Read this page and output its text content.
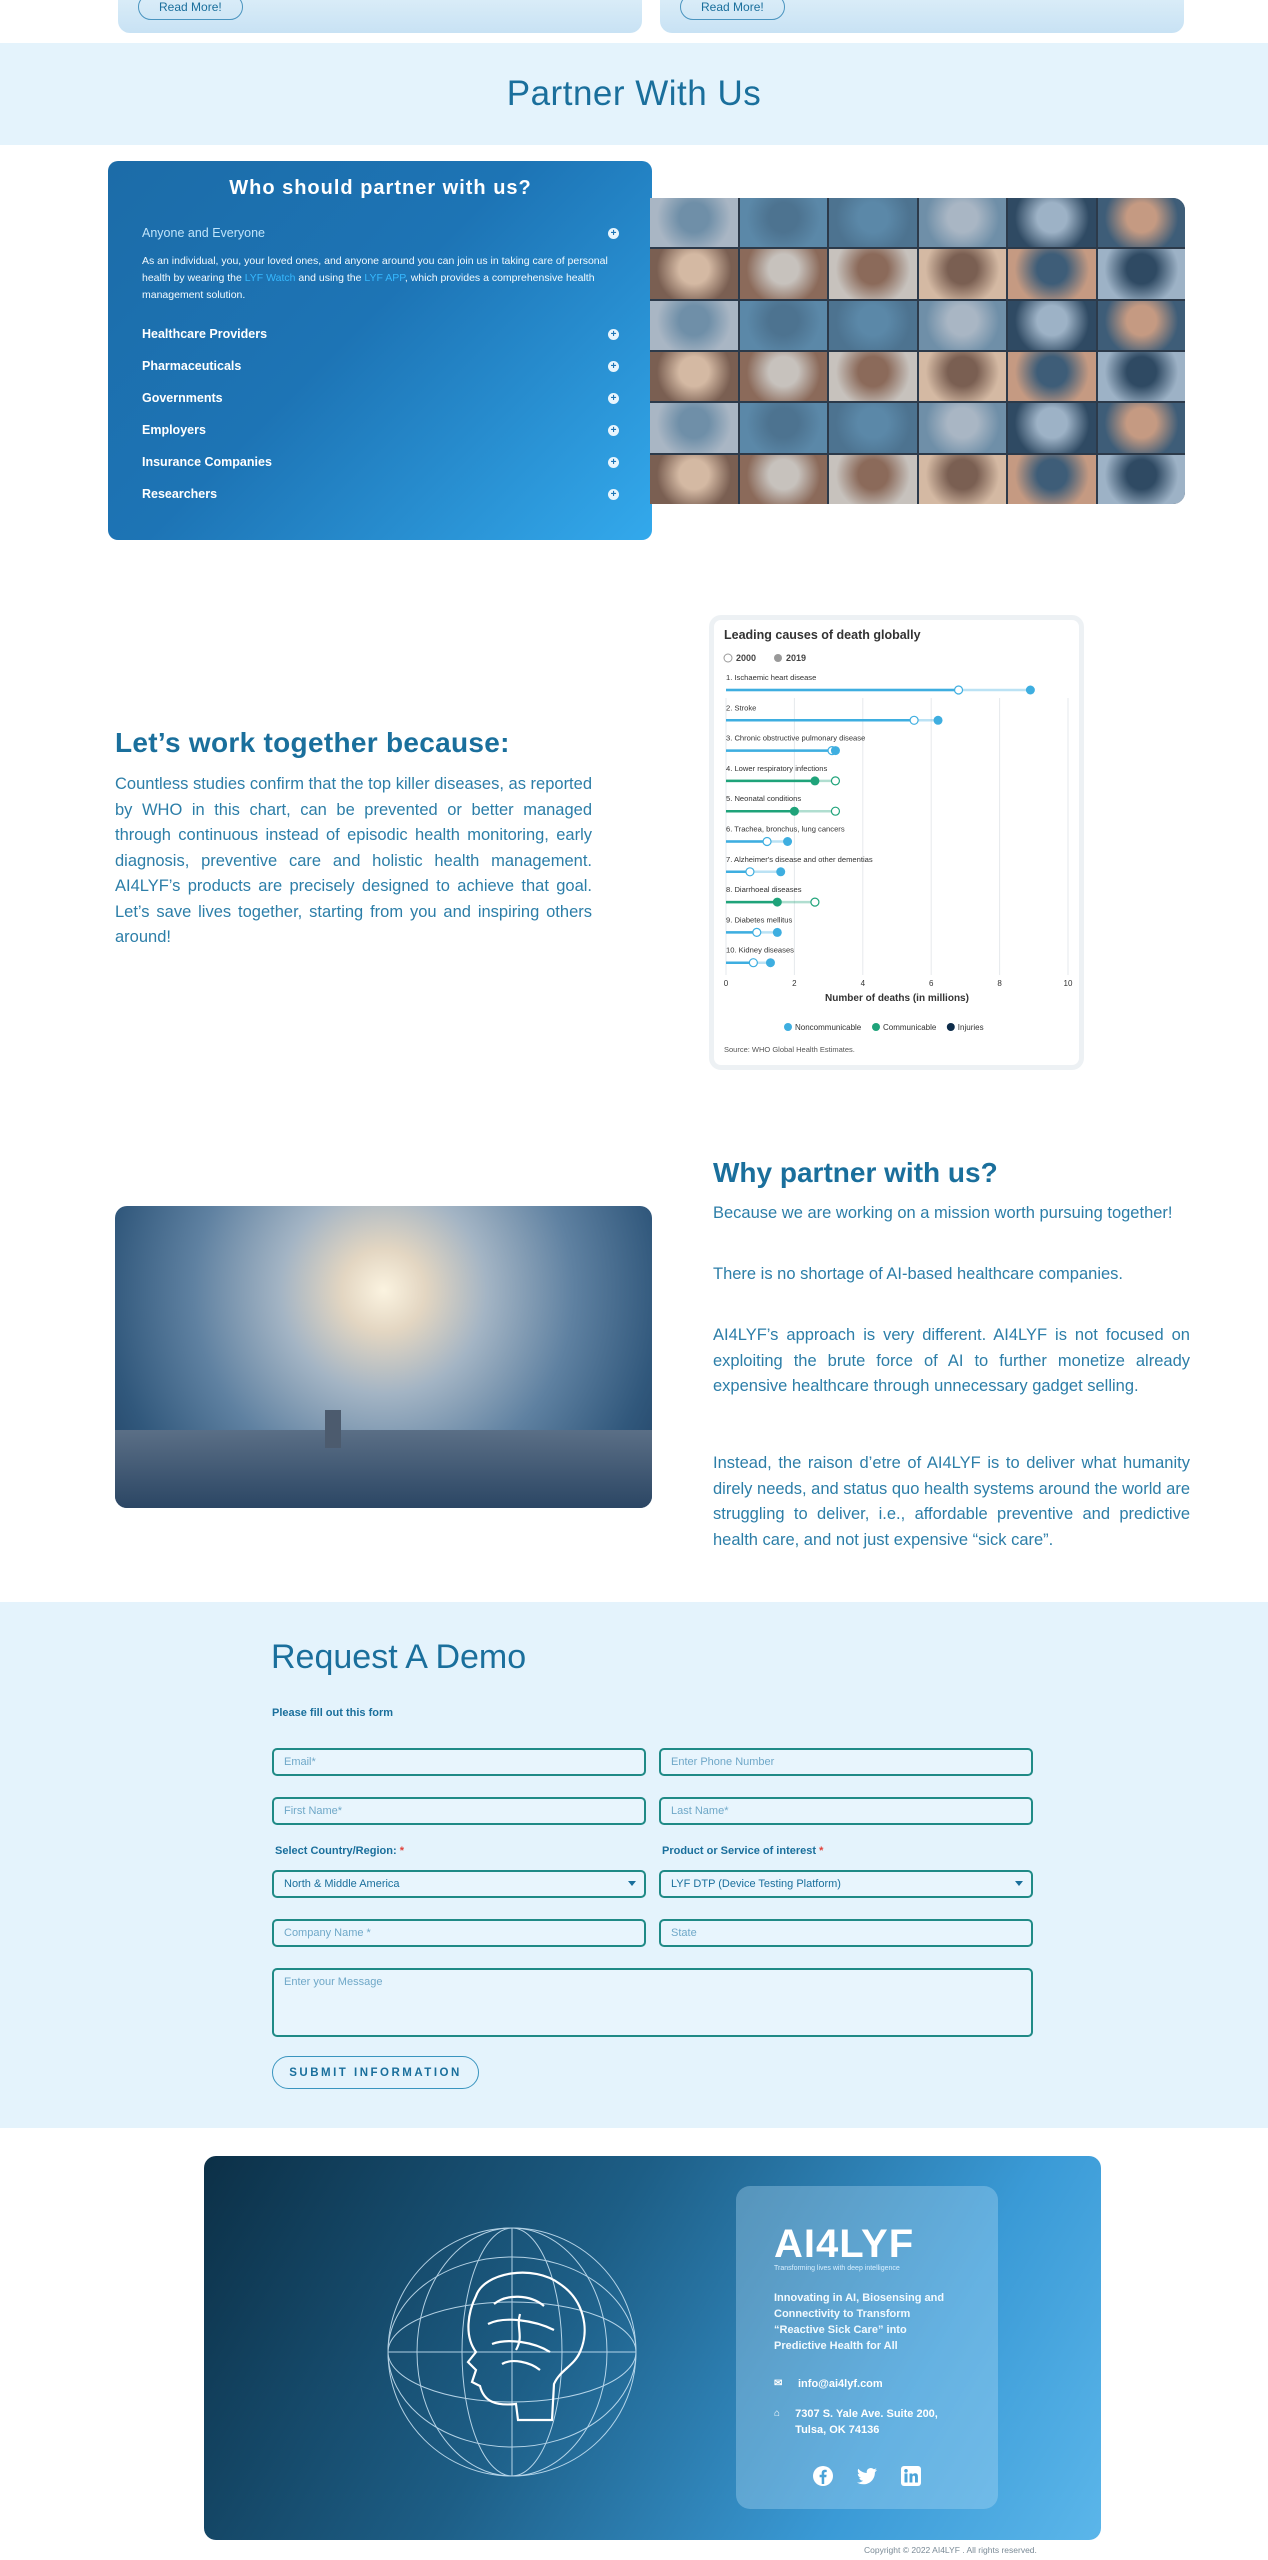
Read More!	Read More!
Partner With Us
Who should partner with us?
Anyone and Everyone	+

As an individual, you, your loved ones, and anyone around you can join us in taking care of personal health by wearing the LYF Watch and using the LYF APP, which provides a comprehensive health management solution.

Healthcare Providers	+
Pharmaceuticals	+
Governments	+
Employers	+
Insurance Companies	+
Researchers	+
Let’s work together because:

Countless studies confirm that the top killer diseases, as reported by WHO in this chart, can be prevented or better managed through continuous instead of episodic health monitoring, early diagnosis, preventive care and holistic health management. AI4LYF’s products are precisely designed to achieve that goal. Let’s save lives together, starting from you and inspiring others around!

Leading causes of death globally
2000	2019
1. Ischaemic heart disease
2. Stroke
3. Chronic obstructive pulmonary disease
4. Lower respiratory infections
5. Neonatal conditions
6. Trachea, bronchus, lung cancers
7. Alzheimer's disease and other dementias
8. Diarrhoeal diseases
9. Diabetes mellitus
10. Kidney diseases
0	2	4	6	8	10
Number of deaths (in millions)
Noncommunicable	Communicable	Injuries
Source: WHO Global Health Estimates.
Why partner with us?

Because we are working on a mission worth pursuing together!

There is no shortage of AI-based healthcare companies.

AI4LYF’s approach is very different. AI4LYF is not focused on exploiting the brute force of AI to further monetize already expensive healthcare through unnecessary gadget selling.

Instead, the raison d’etre of AI4LYF is to deliver what humanity direly needs, and status quo health systems around the world are struggling to deliver, i.e., affordable preventive and predictive health care, and not just expensive “sick care”.

Request A Demo
Please fill out this form
Email*	Enter Phone Number
First Name*	Last Name*
Select Country/Region: *	Product or Service of interest *
North & Middle America	LYF DTP (Device Testing Platform)
Company Name *	State
Enter your Message
SUBMIT INFORMATION
AI4LYF
Transforming lives with deep intelligence
Innovating in AI, Biosensing and Connectivity to Transform “Reactive Sick Care” into Predictive Health for All
✉ info@ai4lyf.com
⌂ 7307 S. Yale Ave. Suite 200, Tulsa, OK 74136
Copyright © 2022 AI4LYF . All rights reserved.
